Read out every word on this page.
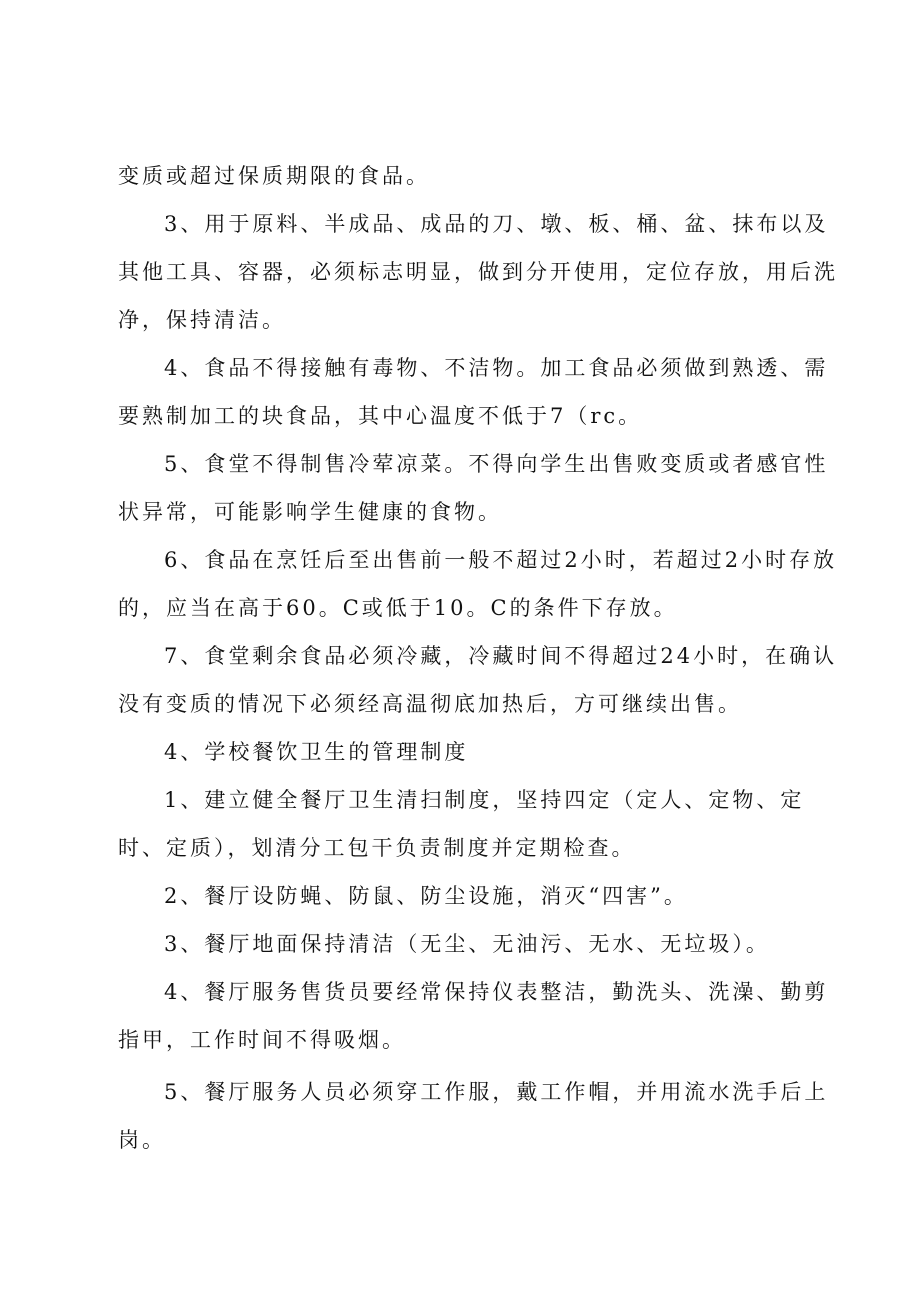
变质或超过保质期限的食品。

3、用于原料、半成品、成品的刀、墩、板、桶、盆、抹布以及其他工具、容器，必须标志明显，做到分开使用，定位存放，用后洗净，保持清洁。

4、食品不得接触有毒物、不洁物。加工食品必须做到熟透、需要熟制加工的块食品，其中心温度不低于7（rc。

5、食堂不得制售冷荤凉菜。不得向学生出售败变质或者感官性状异常，可能影响学生健康的食物。

6、食品在烹饪后至出售前一般不超过2小时，若超过2小时存放的，应当在高于60。C或低于10。C的条件下存放。

7、食堂剩余食品必须冷藏，冷藏时间不得超过24小时，在确认没有变质的情况下必须经高温彻底加热后，方可继续出售。

4、学校餐饮卫生的管理制度

1、建立健全餐厅卫生清扫制度，坚持四定（定人、定物、定时、定质），划清分工包干负责制度并定期检查。

2、餐厅设防蝇、防鼠、防尘设施，消灭“四害”。

3、餐厅地面保持清洁（无尘、无油污、无水、无垃圾）。

4、餐厅服务售货员要经常保持仪表整洁，勤洗头、洗澡、勤剪指甲，工作时间不得吸烟。

5、餐厅服务人员必须穿工作服，戴工作帽，并用流水洗手后上岗。
